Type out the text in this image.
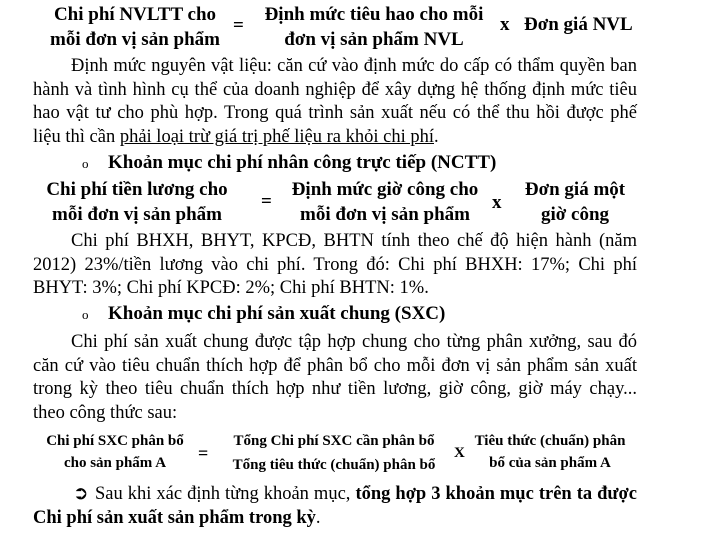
Chi phí NVLTT cho
mỗi đơn vị sản phẩm
=
Định mức tiêu hao cho mỗi
đơn vị sản phẩm NVL
x Đơn giá NVL
Định mức nguyên vật liệu: căn cứ vào định mức do cấp có thẩm quyền ban
hành và tình hình cụ thể của doanh nghiệp để xây dựng hệ thống định mức tiêu
hao vật tư cho phù hợp. Trong quá trình sản xuất nếu có thể thu hồi được phế
liệu thì cần phải loại trừ giá trị phế liệu ra khỏi chi phí.
o Khoản mục chi phí nhân công trực tiếp (NCTT)
Chi phí tiền lương cho
mỗi đơn vị sản phẩm
=
Định mức giờ công cho
mỗi đơn vị sản phẩm
x
Đơn giá một
giờ công
Chi phí BHXH, BHYT, KPCĐ, BHTN tính theo chế độ hiện hành (năm
2012) 23%/tiền lương vào chi phí. Trong đó: Chi phí BHXH: 17%; Chi phí
BHYT: 3%; Chi phí KPCĐ: 2%; Chi phí BHTN: 1%.
o Khoản mục chi phí sản xuất chung (SXC)
Chi phí sản xuất chung được tập hợp chung cho từng phân xưởng, sau đó
căn cứ vào tiêu chuẩn thích hợp để phân bổ cho mỗi đơn vị sản phẩm sản xuất
trong kỳ theo tiêu chuẩn thích hợp như tiền lương, giờ công, giờ máy chạy...
theo công thức sau:
Chi phí SXC phân bổ
cho sản phẩm A	=
Tổng Chi phí SXC cần phân bổ
Tổng tiêu thức (chuẩn) phân bổ
X
Tiêu thức (chuẩn) phân
bổ của sản phẩm A
➲ Sau khi xác định từng khoản mục, tổng hợp 3 khoản mục trên ta được
Chi phí sản xuất sản phẩm trong kỳ.
